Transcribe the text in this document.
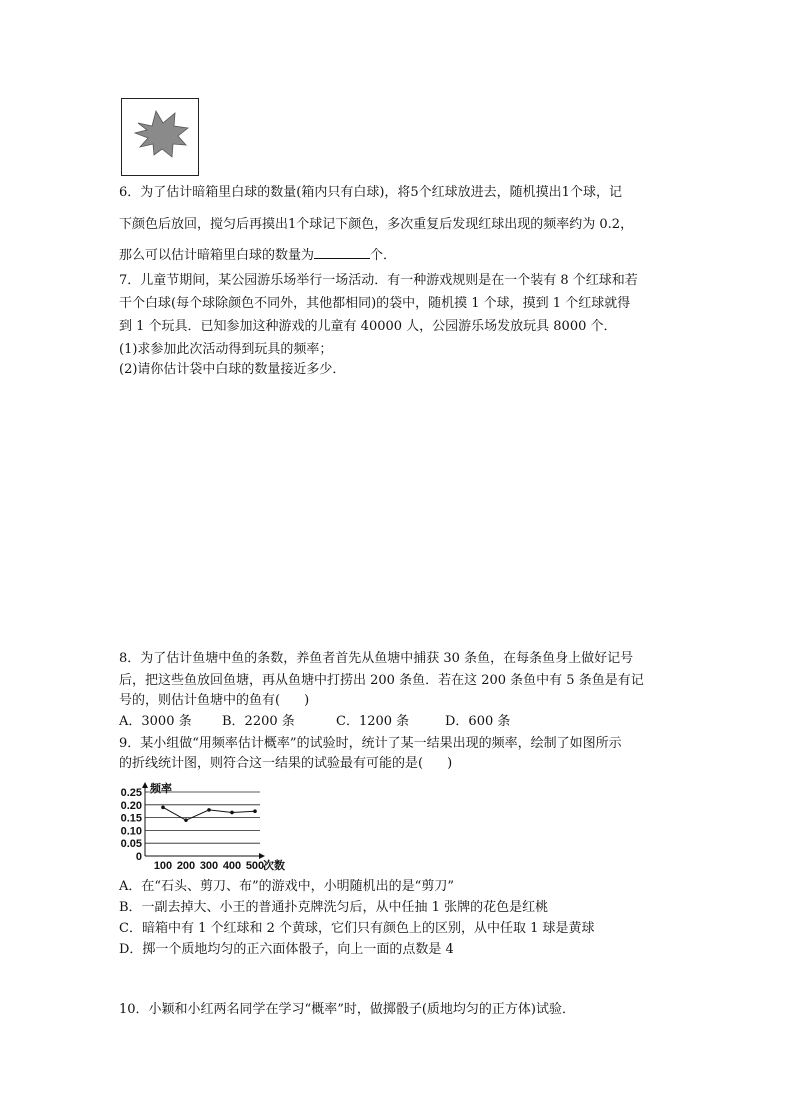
6．为了估计暗箱里白球的数量(箱内只有白球)，将5个红球放进去，随机摸出1个球，记
下颜色后放回，搅匀后再摸出1个球记下颜色，多次重复后发现红球出现的频率约为 0.2，
那么可以估计暗箱里白球的数量为	个．
7．儿童节期间，某公园游乐场举行一场活动．有一种游戏规则是在一个装有 8 个红球和若
干个白球(每个球除颜色不同外，其他都相同)的袋中，随机摸 1 个球，摸到 1 个红球就得
到 1 个玩具．已知参加这种游戏的儿童有 40000 人，公园游乐场发放玩具 8000 个．
(1)求参加此次活动得到玩具的频率；
(2)请你估计袋中白球的数量接近多少．
8．为了估计鱼塘中鱼的条数，养鱼者首先从鱼塘中捕获 30 条鱼，在每条鱼身上做好记号
后，把这些鱼放回鱼塘，再从鱼塘中打捞出 200 条鱼．若在这 200 条鱼中有 5 条鱼是有记
号的，则估计鱼塘中的鱼有( )
A．3000 条 B．2200 条	C．1200 条	D．600 条
9．某小组做“用频率估计概率”的试验时，统计了某一结果出现的频率，绘制了如图所示
的折线统计图，则符合这一结果的试验最有可能的是( )
0.25
0.20
0.15
0.10
0.05
0
100 200 300 400 500
频率
次数
A．在“石头、剪刀、布”的游戏中，小明随机出的是“剪刀”
B．一副去掉大、小王的普通扑克牌洗匀后，从中任抽 1 张牌的花色是红桃
C．暗箱中有 1 个红球和 2 个黄球，它们只有颜色上的区别，从中任取 1 球是黄球
D．掷一个质地均匀的正六面体骰子，向上一面的点数是 4
10．小颖和小红两名同学在学习“概率”时，做掷骰子(质地均匀的正方体)试验．
